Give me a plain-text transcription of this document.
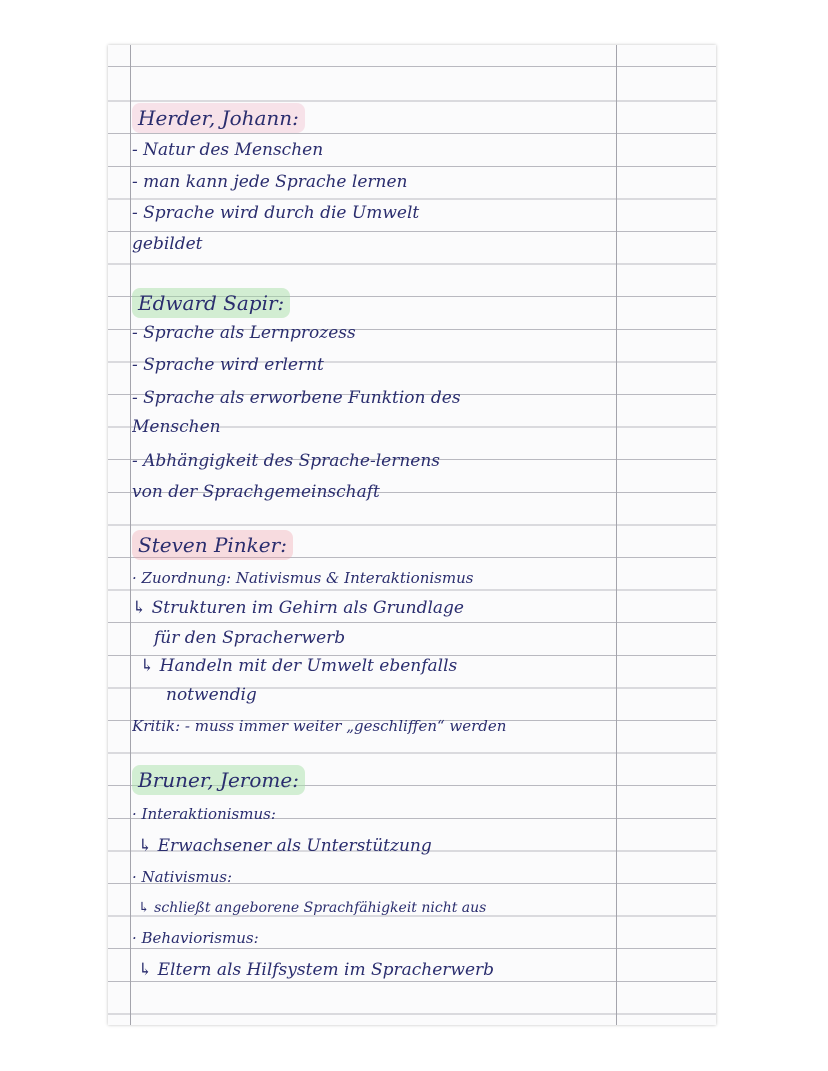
Herder, Johann:
- Natur des Menschen
- man kann jede Sprache lernen
- Sprache wird durch die Umwelt
gebildet
Edward Sapir:
- Sprache als Lernprozess
- Sprache wird erlernt
- Sprache als erworbene Funktion des
Menschen
- Abhängigkeit des Sprache-lernens
von der Sprachgemeinschaft
Steven Pinker:
· Zuordnung: Nativismus & Interaktionismus
↳ Strukturen im Gehirn als Grundlage
für den Spracherwerb
↳ Handeln mit der Umwelt ebenfalls
notwendig
Kritik: - muss immer weiter „geschliffen“ werden
Bruner, Jerome:
· Interaktionismus:
↳ Erwachsener als Unterstützung
· Nativismus:
↳ schließt angeborene Sprachfähigkeit nicht aus
· Behaviorismus:
↳ Eltern als Hilfsystem im Spracherwerb
